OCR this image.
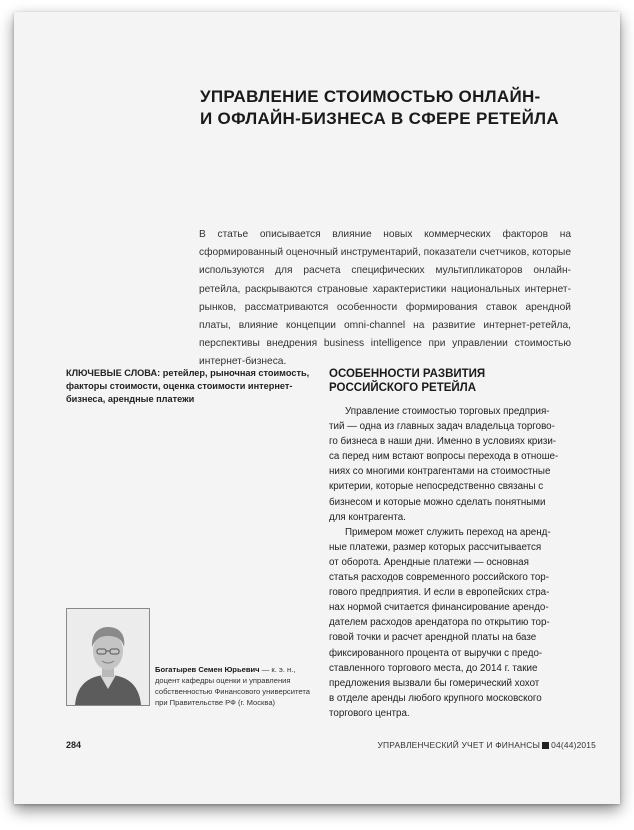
УПРАВЛЕНИЕ СТОИМОСТЬЮ ОНЛАЙН-
И ОФЛАЙН-БИЗНЕСА В СФЕРЕ РЕТЕЙЛА

В статье описывается влияние новых коммерческих факторов на сформированный оценочный инструментарий, показатели счетчиков, которые используются для расчета специфических мультипликаторов онлайн-ретейла, раскрываются страновые характеристики национальных интернет-рынков, рассматриваются особенности формирования ставок арендной платы, влияние концепции omni-channel на развитие интернет-ретейла, перспективы внедрения business intelligence при управлении стоимостью интернет-бизнеса.

КЛЮЧЕВЫЕ СЛОВА: ретейлер, рыночная стоимость, факторы стоимости, оценка стоимости интернет-бизнеса, арендные платежи

ОСОБЕННОСТИ РАЗВИТИЯ
РОССИЙСКОГО РЕТЕЙЛА
Управление стоимостью торговых предприя-
тий — одна из главных задач владельца торгово-
го бизнеса в наши дни. Именно в условиях кризи-
са перед ним встают вопросы перехода в отноше-
ниях со многими контрагентами на стоимостные
критерии, которые непосредственно связаны с
бизнесом и которые можно сделать понятными
для контрагента.
Примером может служить переход на аренд-
ные платежи, размер которых рассчитывается
от оборота. Арендные платежи — основная
статья расходов современного российского тор-
гового предприятия. И если в европейских стра-
нах нормой считается финансирование арендо-
дателем расходов арендатора по открытию тор-
говой точки и расчет арендной платы на базе
фиксированного процента от выручки с предо-
ставленного торгового места, до 2014 г. такие
предложения вызвали бы гомерический хохот
в отделе аренды любого крупного московского
торгового центра.

Богатырев Семен Юрьевич — к. э. н., доцент кафедры оценки и управления собственностью Финансового университета при Правительстве РФ (г. Москва)

284	УПРАВЛЕНЧЕСКИЙ УЧЕТ И ФИНАНСЫ 04(44)2015
